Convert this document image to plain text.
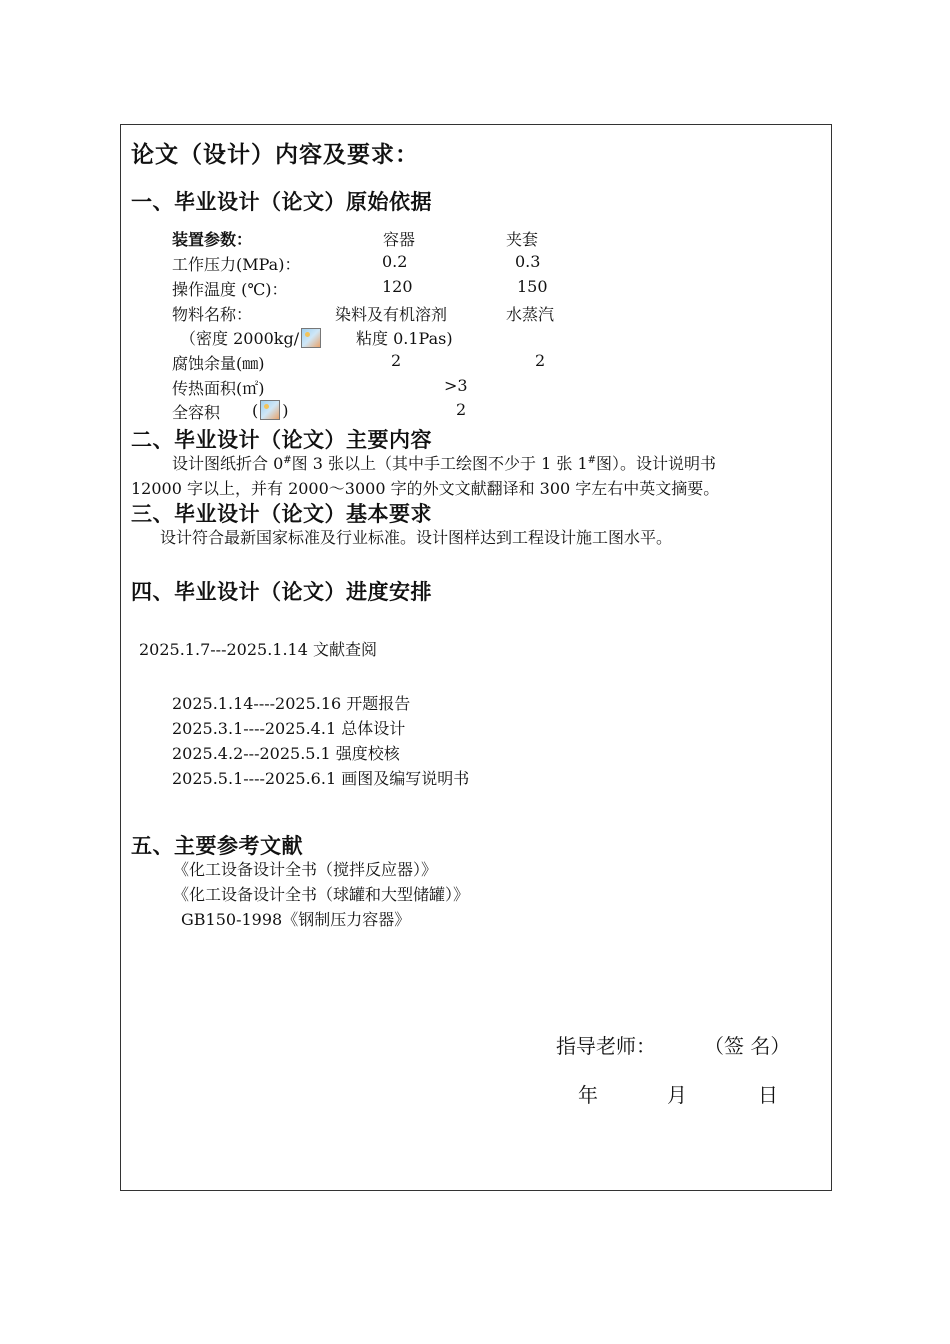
论文（设计）内容及要求：
一、毕业设计（论文）原始依据
装置参数：	容器	夹套
工作压力(MPa)：	0.2	0.3
操作温度 (℃)：	120	150
物料名称：	染料及有机溶剂	水蒸汽
（密度 2000kg/	粘度 0.1Pas)
腐蚀余量(㎜)	2	2
传热面积(㎡)	>3
全容积 ( )	2
二、毕业设计（论文）主要内容
设计图纸折合 0#图 3 张以上（其中手工绘图不少于 1 张 1#图）。设计说明书
12000 字以上，并有 2000～3000 字的外文文献翻译和 300 字左右中英文摘要。
三、毕业设计（论文）基本要求
设计符合最新国家标准及行业标准。设计图样达到工程设计施工图水平。
四、毕业设计（论文）进度安排
2025.1.7---2025.1.14 文献查阅
2025.1.14----2025.16 开题报告
2025.3.1----2025.4.1 总体设计
2025.4.2---2025.5.1 强度校核
2025.5.1----2025.6.1 画图及编写说明书
五、主要参考文献
《化工设备设计全书（搅拌反应器）》
《化工设备设计全书（球罐和大型储罐）》
GB150-1998《钢制压力容器》
指导老师： （签 名）
年	月	日
